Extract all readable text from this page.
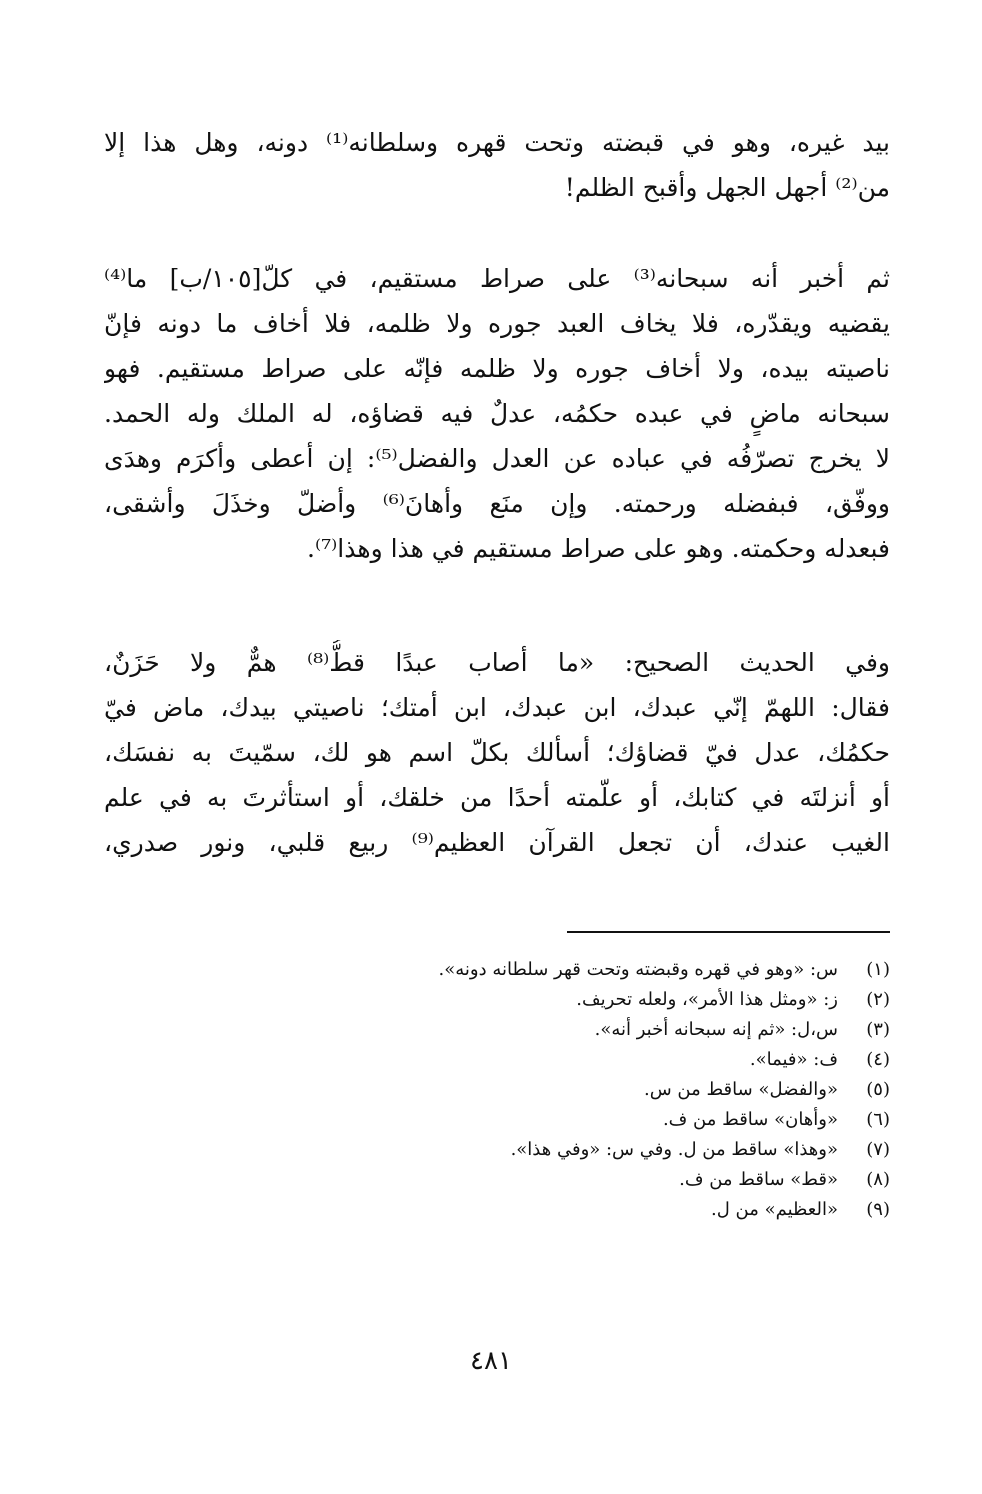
بيد غيره، وهو في قبضته وتحت قهره وسلطانه⁽¹⁾ دونه، وهل هذا إلا
من⁽²⁾ أجهل الجهل وأقبح الظلم!
ثم أخبر أنه سبحانه⁽³⁾ على صراط مستقيم، في كلّ[١٠٥/ب] ما⁽⁴⁾
يقضيه ويقدّره، فلا يخاف العبد جوره ولا ظلمه، فلا أخاف ما دونه فإنّ
ناصيته بيده، ولا أخاف جوره ولا ظلمه فإنّه على صراط مستقيم. فهو
سبحانه ماضٍ في عبده حكمُه، عدلٌ فيه قضاؤه، له الملك وله الحمد.
لا يخرج تصرّفُه في عباده عن العدل والفضل⁽⁵⁾: إن أعطى وأكرَم وهدَى
ووفّق، فبفضله ورحمته. وإن منَع وأهانَ⁽⁶⁾ وأضلّ وخذَلَ وأشقى،
فبعدله وحكمته. وهو على صراط مستقيم في هذا وهذا⁽⁷⁾.
وفي الحديث الصحيح: «ما أصاب عبدًا قطُّ⁽⁸⁾ همٌّ ولا حَزَنٌ،
فقال: اللهمّ إنّي عبدك، ابن عبدك، ابن أمتك؛ ناصيتي بيدك، ماض فيّ
حكمُك، عدل فيّ قضاؤك؛ أسألك بكلّ اسم هو لك، سمّيتَ به نفسَك،
أو أنزلتَه في كتابك، أو علّمته أحدًا من خلقك، أو استأثرتَ به في علم
الغيب عندك، أن تجعل القرآن العظيم⁽⁹⁾ ربيع قلبي، ونور صدري،
(١)
س: «وهو في قهره وقبضته وتحت قهر سلطانه دونه».
(٢)
ز: «ومثل هذا الأمر»، ولعله تحريف.
(٣)
س،ل: «ثم إنه سبحانه أخبر أنه».
(٤)
ف: «فيما».
(٥)
«والفضل» ساقط من س.
(٦)
«وأهان» ساقط من ف.
(٧)
«وهذا» ساقط من ل. وفي س: «وفي هذا».
(٨)
«قط» ساقط من ف.
(٩)
«العظيم» من ل.
٤٨١
